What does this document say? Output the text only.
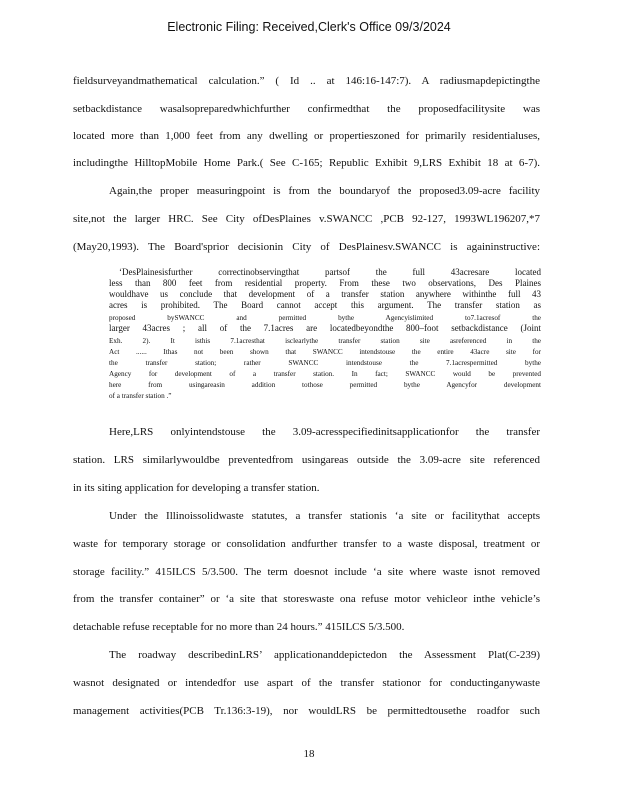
Electronic Filing: Received,Clerk's Office 09/3/2024
fieldsurveyandmathematical calculation.” ( Id .. at 146:16-147:7). A radiusmapdepictingthe
setbackdistance wasalsopreparedwhichfurther confirmedthat the proposedfacilitysite was
located more than 1,000 feet from any dwelling or propertieszoned for primarily residentialuses,
includingthe HilltopMobile Home Park.( See C-165; Republic Exhibit 9,LRS Exhibit 18 at 6-7).
Again,the proper measuringpoint is from the boundaryof the proposed3.09-acre facility
site,not the larger HRC. See City ofDesPlaines v.SWANCC ,PCB 92-127, 1993WL196207,*7
(May20,1993). The Board'sprior decisionin City of DesPlainesv.SWANCC is againinstructive:
‘DesPlainesisfurther correctinobservingthat partsof the full 43acresare located
less than 800 feet from residential property. From these two observations, Des Plaines
wouldhave us conclude that development of a transfer station anywhere withinthe full 43
acres is prohibited. The Board cannot accept this argument. The transfer station as
proposed bySWANCC and permitted bythe Agencyislimited to7.1acresof the
larger 43acres ; all of the 7.1acres are locatedbeyondthe 800–foot setbackdistance (Joint
Exh. 2). It isthis 7.1acresthat isclearlythe transfer station site asreferenced in the
Act ...... Ithas not been shown that SWANCC intendstouse the entire 43acre site for
the transfer station; rather SWANCC intendstouse the 7.1acrespermitted bythe
Agency for development of a transfer station. In fact; SWANCC would be prevented
here from usingareasin addition tothose permitted bythe Agencyfor development
of a transfer station .”
Here,LRS onlyintendstouse the 3.09-acresspecifiedinitsapplicationfor the transfer
station. LRS similarlywouldbe preventedfrom usingareas outside the 3.09-acre site referenced
in its siting application for developing a transfer station.
Under the Illinoissolidwaste statutes, a transfer stationis ‘a site or facilitythat accepts
waste for temporary storage or consolidation andfurther transfer to a waste disposal, treatment or
storage facility.” 415ILCS 5/3.500. The term doesnot include ‘a site where waste isnot removed
from the transfer container” or ‘a site that storeswaste ona refuse motor vehicleor inthe vehicle’s
detachable refuse receptable for no more than 24 hours.” 415ILCS 5/3.500.
The roadway describedinLRS’ applicationanddepictedon the Assessment Plat(C-239)
wasnot designated or intendedfor use aspart of the transfer stationor for conductinganywaste
management activities(PCB Tr.136:3-19), nor wouldLRS be permittedtousethe roadfor such
18
